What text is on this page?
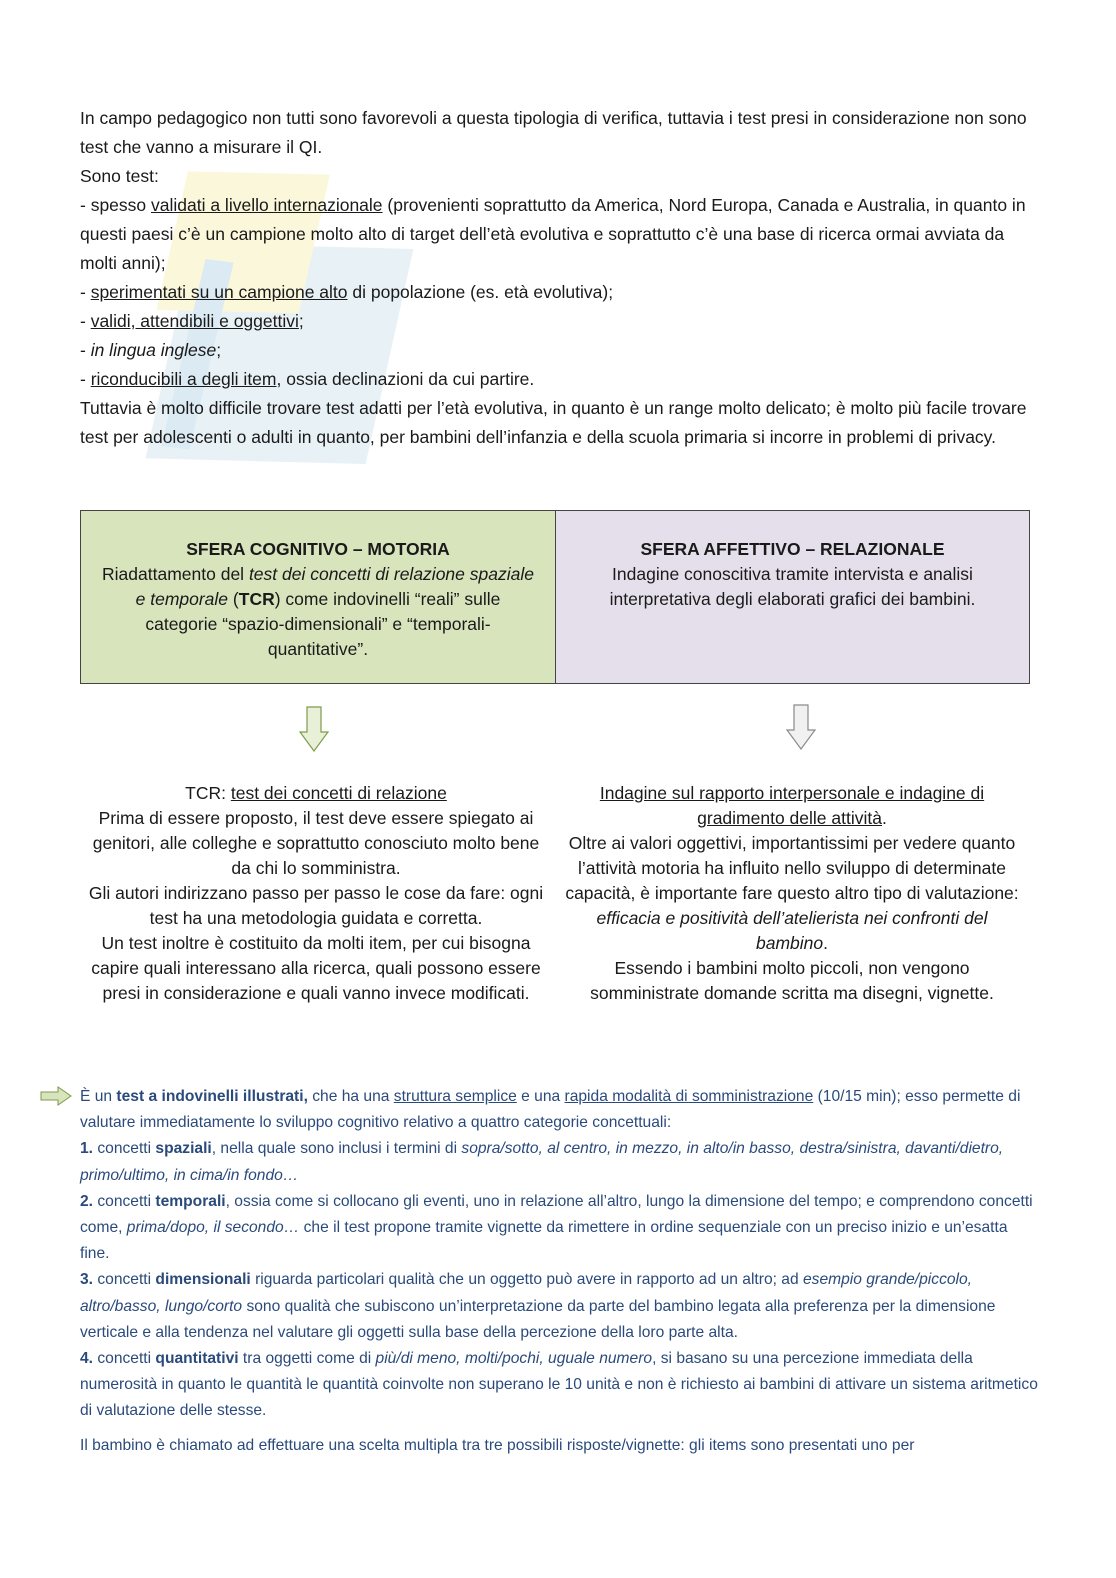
In campo pedagogico non tutti sono favorevoli a questa tipologia di verifica, tuttavia i test presi in considerazione non sono test che vanno a misurare il QI.

Sono test:

- spesso validati a livello internazionale (provenienti soprattutto da America, Nord Europa, Canada e Australia, in quanto in questi paesi c’è un campione molto alto di target dell’età evolutiva e soprattutto c’è una base di ricerca ormai avviata da molti anni);

- sperimentati su un campione alto di popolazione (es. età evolutiva);

- validi, attendibili e oggettivi;

- in lingua inglese;

- riconducibili a degli item, ossia declinazioni da cui partire.

Tuttavia è molto difficile trovare test adatti per l’età evolutiva, in quanto è un range molto delicato; è molto più facile trovare test per adolescenti o adulti in quanto, per bambini dell’infanzia e della scuola primaria si incorre in problemi di privacy.

SFERA COGNITIVO – MOTORIA
Riadattamento del test dei concetti di relazione spaziale e temporale (TCR) come indovinelli “reali” sulle categorie “spazio-dimensionali” e “temporali-quantitative”.
SFERA AFFETTIVO – RELAZIONALE
Indagine conoscitiva tramite intervista e analisi interpretativa degli elaborati grafici dei bambini.

TCR: test dei concetti di relazione

Prima di essere proposto, il test deve essere spiegato ai genitori, alle colleghe e soprattutto conosciuto molto bene da chi lo somministra.

Gli autori indirizzano passo per passo le cose da fare: ogni test ha una metodologia guidata e corretta.

Un test inoltre è costituito da molti item, per cui bisogna capire quali interessano alla ricerca, quali possono essere presi in considerazione e quali vanno invece modificati.

Indagine sul rapporto interpersonale e indagine di gradimento delle attività.

Oltre ai valori oggettivi, importantissimi per vedere quanto l’attività motoria ha influito nello sviluppo di determinate capacità, è importante fare questo altro tipo di valutazione: efficacia e positività dell’atelierista nei confronti del bambino.

Essendo i bambini molto piccoli, non vengono somministrate domande scritta ma disegni, vignette.

È un test a indovinelli illustrati, che ha una struttura semplice e una rapida modalità di somministrazione (10/15 min); esso permette di valutare immediatamente lo sviluppo cognitivo relativo a quattro categorie concettuali:

1. concetti spaziali, nella quale sono inclusi i termini di sopra/sotto, al centro, in mezzo, in alto/in basso, destra/sinistra, davanti/dietro, primo/ultimo, in cima/in fondo…

2. concetti temporali, ossia come si collocano gli eventi, uno in relazione all’altro, lungo la dimensione del tempo; e comprendono concetti come, prima/dopo, il secondo… che il test propone tramite vignette da rimettere in ordine sequenziale con un preciso inizio e un’esatta fine.

3. concetti dimensionali riguarda particolari qualità che un oggetto può avere in rapporto ad un altro; ad esempio grande/piccolo, altro/basso, lungo/corto sono qualità che subiscono un’interpretazione da parte del bambino legata alla preferenza per la dimensione verticale e alla tendenza nel valutare gli oggetti sulla base della percezione della loro parte alta.

4. concetti quantitativi tra oggetti come di più/di meno, molti/pochi, uguale numero, si basano su una percezione immediata della numerosità in quanto le quantità le quantità coinvolte non superano le 10 unità e non è richiesto ai bambini di attivare un sistema aritmetico di valutazione delle stesse.

Il bambino è chiamato ad effettuare una scelta multipla tra tre possibili risposte/vignette: gli items sono presentati uno per
